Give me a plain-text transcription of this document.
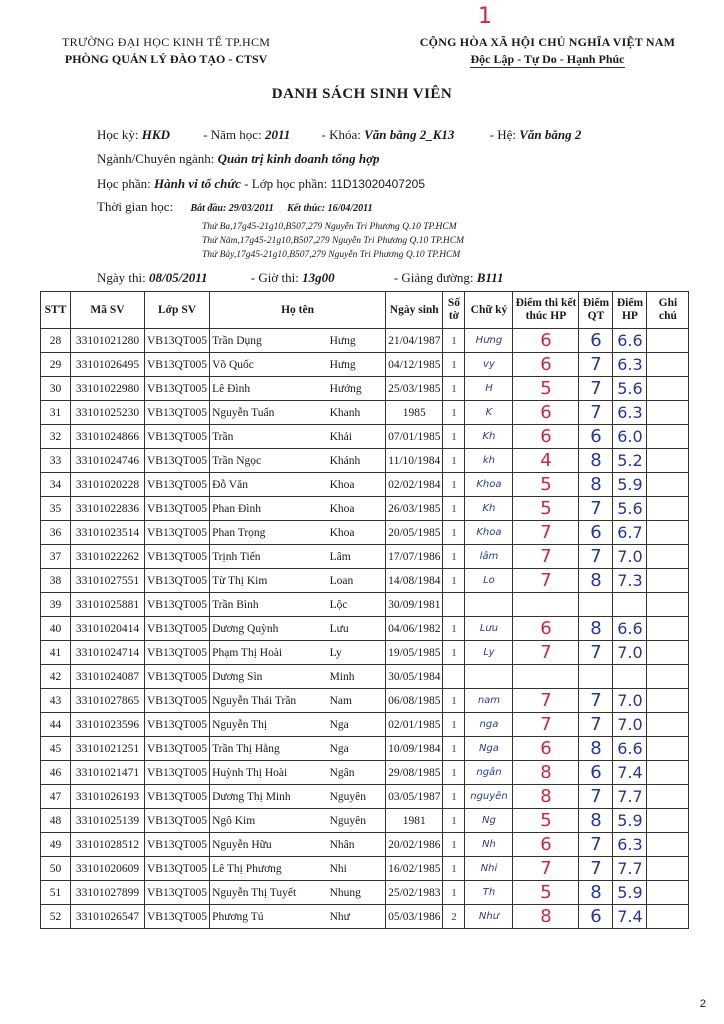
1
TRƯỜNG ĐẠI HỌC KINH TẾ TP.HCM
PHÒNG QUẢN LÝ ĐÀO TẠO - CTSV
CỘNG HÒA XÃ HỘI CHỦ NGHĨA VIỆT NAM
Độc Lập - Tự Do - Hạnh Phúc
DANH SÁCH SINH VIÊN
Học kỳ: HKD	- Năm học: 2011 - Khóa: Văn bằng 2_K13	- Hệ: Văn bằng 2
Ngành/Chuyên ngành: Quản trị kinh doanh tổng hợp
Học phần: Hành vi tổ chức - Lớp học phần: 11D13020407205
Thời gian học: Bắt đầu: 29/03/2011 Kết thúc: 16/04/2011
Thứ Ba,17g45-21g10,B507,279 Nguyễn Tri Phương Q.10 TP.HCM
Thứ Năm,17g45-21g10,B507,279 Nguyễn Tri Phương Q.10 TP.HCM
Thứ Bảy,17g45-21g10,B507,279 Nguyễn Tri Phương Q.10 TP.HCM
Ngày thi: 08/05/2011	- Giờ thi: 13g00	- Giảng đường: B111
STT	Mã SV	Lớp SV	Họ tên		Ngày sinh	Số tờ	Chữ ký	Điểm thi kết thúc HP	Điểm QT	Điểm HP	Ghi chú
28	33101021280	VB13QT005	Trần Dụng	Hưng	21/04/1987	1	Hưng	6	6	6.6	
29	33101026495	VB13QT005	Võ Quốc	Hưng	04/12/1985	1	vy	6	7	6.3	
30	33101022980	VB13QT005	Lê Đình	Hướng	25/03/1985	1	H	5	7	5.6	
31	33101025230	VB13QT005	Nguyễn Tuấn	Khanh	1985	1	K	6	7	6.3	
32	33101024866	VB13QT005	Trần	Khải	07/01/1985	1	Kh	6	6	6.0	
33	33101024746	VB13QT005	Trần Ngọc	Khánh	11/10/1984	1	kh	4	8	5.2	
34	33101020228	VB13QT005	Đỗ Văn	Khoa	02/02/1984	1	Khoa	5	8	5.9	
35	33101022836	VB13QT005	Phan Đình	Khoa	26/03/1985	1	Kh	5	7	5.6	
36	33101023514	VB13QT005	Phan Trọng	Khoa	20/05/1985	1	Khoa	7	6	6.7	
37	33101022262	VB13QT005	Trịnh Tiến	Lâm	17/07/1986	1	lâm	7	7	7.0	
38	33101027551	VB13QT005	Từ Thị Kim	Loan	14/08/1984	1	Lo	7	8	7.3	
39	33101025881	VB13QT005	Trần Bình	Lộc	30/09/1981						
40	33101020414	VB13QT005	Dương Quỳnh	Lưu	04/06/1982	1	Lưu	6	8	6.6	
41	33101024714	VB13QT005	Phạm Thị Hoài	Ly	19/05/1985	1	Ly	7	7	7.0	
42	33101024087	VB13QT005	Dương Sìn	Minh	30/05/1984						
43	33101027865	VB13QT005	Nguyễn Thái Trần	Nam	06/08/1985	1	nam	7	7	7.0	
44	33101023596	VB13QT005	Nguyễn Thị	Nga	02/01/1985	1	nga	7	7	7.0	
45	33101021251	VB13QT005	Trần Thị Hằng	Nga	10/09/1984	1	Nga	6	8	6.6	
46	33101021471	VB13QT005	Huỳnh Thị Hoài	Ngân	29/08/1985	1	ngân	8	6	7.4	
47	33101026193	VB13QT005	Dương Thị Minh	Nguyên	03/05/1987	1	nguyên	8	7	7.7	
48	33101025139	VB13QT005	Ngô Kim	Nguyên	1981	1	Ng	5	8	5.9	
49	33101028512	VB13QT005	Nguyễn Hữu	Nhân	20/02/1986	1	Nh	6	7	6.3	
50	33101020609	VB13QT005	Lê Thị Phương	Nhi	16/02/1985	1	Nhi	7	7	7.7	
51	33101027899	VB13QT005	Nguyễn Thị Tuyết	Nhung	25/02/1983	1	Th	5	8	5.9	
52	33101026547	VB13QT005	Phương Tú	Như	05/03/1986	2	Như	8	6	7.4	
2
